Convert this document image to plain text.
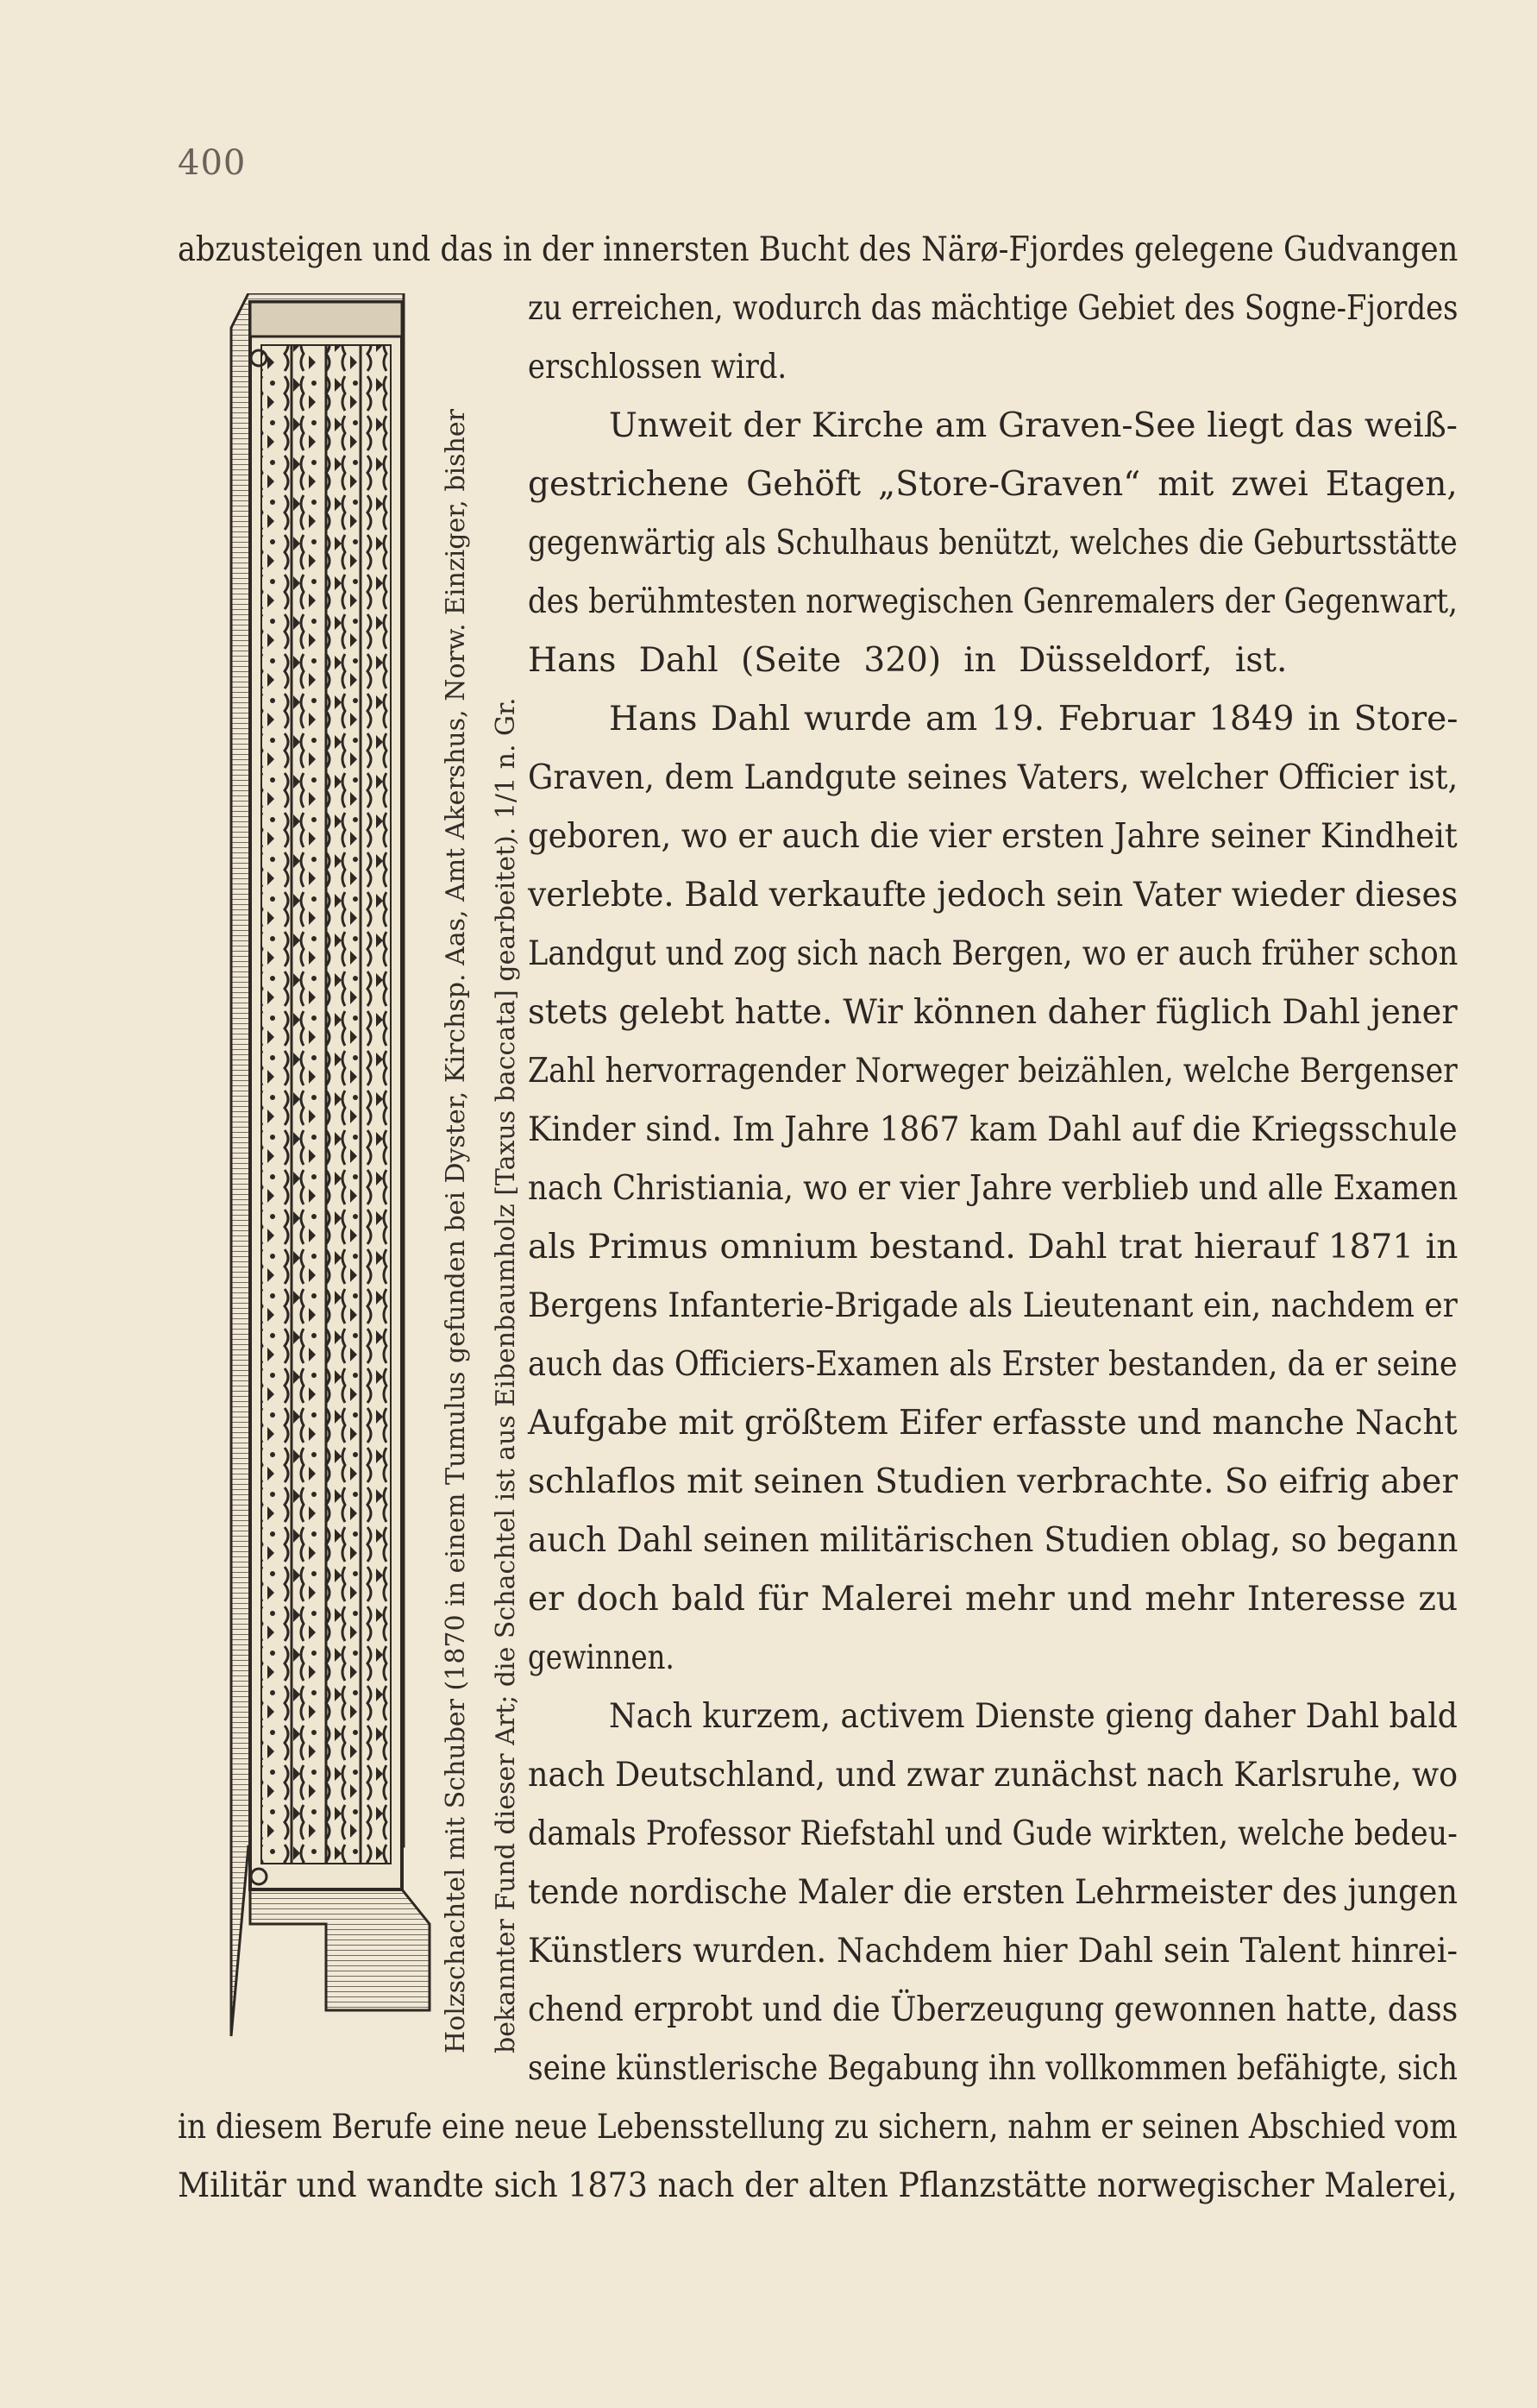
400
abzusteigen und das in der innersten Bucht des Närø-Fjordes gelegene Gudvangen
zu erreichen, wodurch das mächtige Gebiet des Sogne-Fjordes
erschlossen wird.
Unweit der Kirche am Graven-See liegt das weiß-
gestrichene Gehöft „Store-Graven“ mit zwei Etagen,
gegenwärtig als Schulhaus benützt, welches die Geburtsstätte
des berühmtesten norwegischen Genremalers der Gegenwart,
Hans Dahl (Seite 320) in Düsseldorf, ist.
Hans Dahl wurde am 19. Februar 1849 in Store-
Graven, dem Landgute seines Vaters, welcher Officier ist,
geboren, wo er auch die vier ersten Jahre seiner Kindheit
verlebte. Bald verkaufte jedoch sein Vater wieder dieses
Landgut und zog sich nach Bergen, wo er auch früher schon
stets gelebt hatte. Wir können daher füglich Dahl jener
Zahl hervorragender Norweger beizählen, welche Bergenser
Kinder sind. Im Jahre 1867 kam Dahl auf die Kriegsschule
nach Christiania, wo er vier Jahre verblieb und alle Examen
als Primus omnium bestand. Dahl trat hierauf 1871 in
Bergens Infanterie-Brigade als Lieutenant ein, nachdem er
auch das Officiers-Examen als Erster bestanden, da er seine
Aufgabe mit größtem Eifer erfasste und manche Nacht
schlaflos mit seinen Studien verbrachte. So eifrig aber
auch Dahl seinen militärischen Studien oblag, so begann
er doch bald für Malerei mehr und mehr Interesse zu
gewinnen.
Nach kurzem, activem Dienste gieng daher Dahl bald
nach Deutschland, und zwar zunächst nach Karlsruhe, wo
damals Professor Riefstahl und Gude wirkten, welche bedeu-
tende nordische Maler die ersten Lehrmeister des jungen
Künstlers wurden. Nachdem hier Dahl sein Talent hinrei-
chend erprobt und die Überzeugung gewonnen hatte, dass
seine künstlerische Begabung ihn vollkommen befähigte, sich
in diesem Berufe eine neue Lebensstellung zu sichern, nahm er seinen Abschied vom
Militär und wandte sich 1873 nach der alten Pflanzstätte norwegischer Malerei,
Holzschachtel mit Schuber (1870 in einem Tumulus gefunden bei Dyster, Kirchsp. Aas, Amt Akershus, Norw. Einziger, bisher bekannter Fund dieser Art; die Schachtel ist aus Eibenbaumholz [Taxus baccata] gearbeitet). 1/1 n. Gr.
